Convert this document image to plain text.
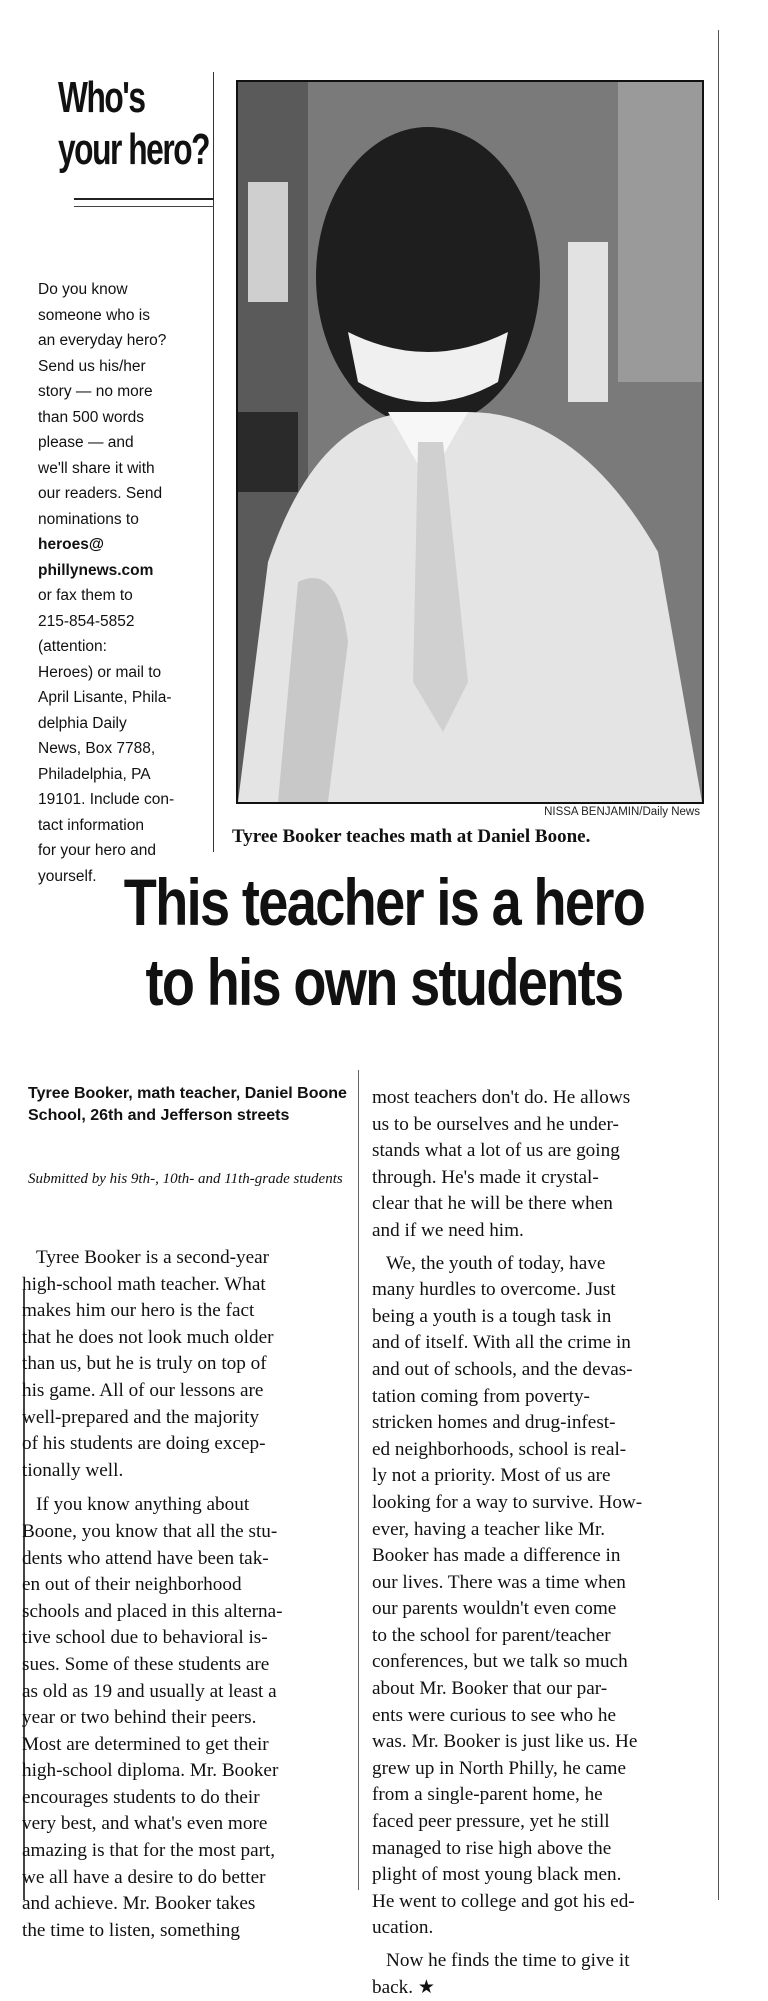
Who's
your hero?
Do you know
someone who is
an everyday hero?
Send us his/her
story — no more
than 500 words
please — and
we'll share it with
our readers. Send
nominations to
heroes@
phillynews.com
or fax them to
215-854-5852
(attention:
Heroes) or mail to
April Lisante, Phila-
delphia Daily
News, Box 7788,
Philadelphia, PA
19101. Include con-
tact information
for your hero and
yourself.
NISSA BENJAMIN/Daily News
Tyree Booker teaches math at Daniel Boone.
This teacher is a hero
to his own students
Tyree Booker, math teacher, Daniel Boone School, 26th and Jefferson streets
Submitted by his 9th-, 10th- and 11th-grade students
Tyree Booker is a second-year
high-school math teacher. What
makes him our hero is the fact
that he does not look much older
than us, but he is truly on top of
his game. All of our lessons are
well-prepared and the majority
of his students are doing excep-
tionally well.
If you know anything about
Boone, you know that all the stu-
dents who attend have been tak-
en out of their neighborhood
schools and placed in this alterna-
tive school due to behavioral is-
sues. Some of these students are
as old as 19 and usually at least a
year or two behind their peers.
Most are determined to get their
high-school diploma. Mr. Booker
encourages students to do their
very best, and what's even more
amazing is that for the most part,
we all have a desire to do better
and achieve. Mr. Booker takes
the time to listen, something
most teachers don't do. He allows
us to be ourselves and he under-
stands what a lot of us are going
through. He's made it crystal-
clear that he will be there when
and if we need him.
We, the youth of today, have
many hurdles to overcome. Just
being a youth is a tough task in
and of itself. With all the crime in
and out of schools, and the devas-
tation coming from poverty-
stricken homes and drug-infest-
ed neighborhoods, school is real-
ly not a priority. Most of us are
looking for a way to survive. How-
ever, having a teacher like Mr.
Booker has made a difference in
our lives. There was a time when
our parents wouldn't even come
to the school for parent/teacher
conferences, but we talk so much
about Mr. Booker that our par-
ents were curious to see who he
was. Mr. Booker is just like us. He
grew up in North Philly, he came
from a single-parent home, he
faced peer pressure, yet he still
managed to rise high above the
plight of most young black men.
He went to college and got his ed-
ucation.
Now he finds the time to give it
back. ★
